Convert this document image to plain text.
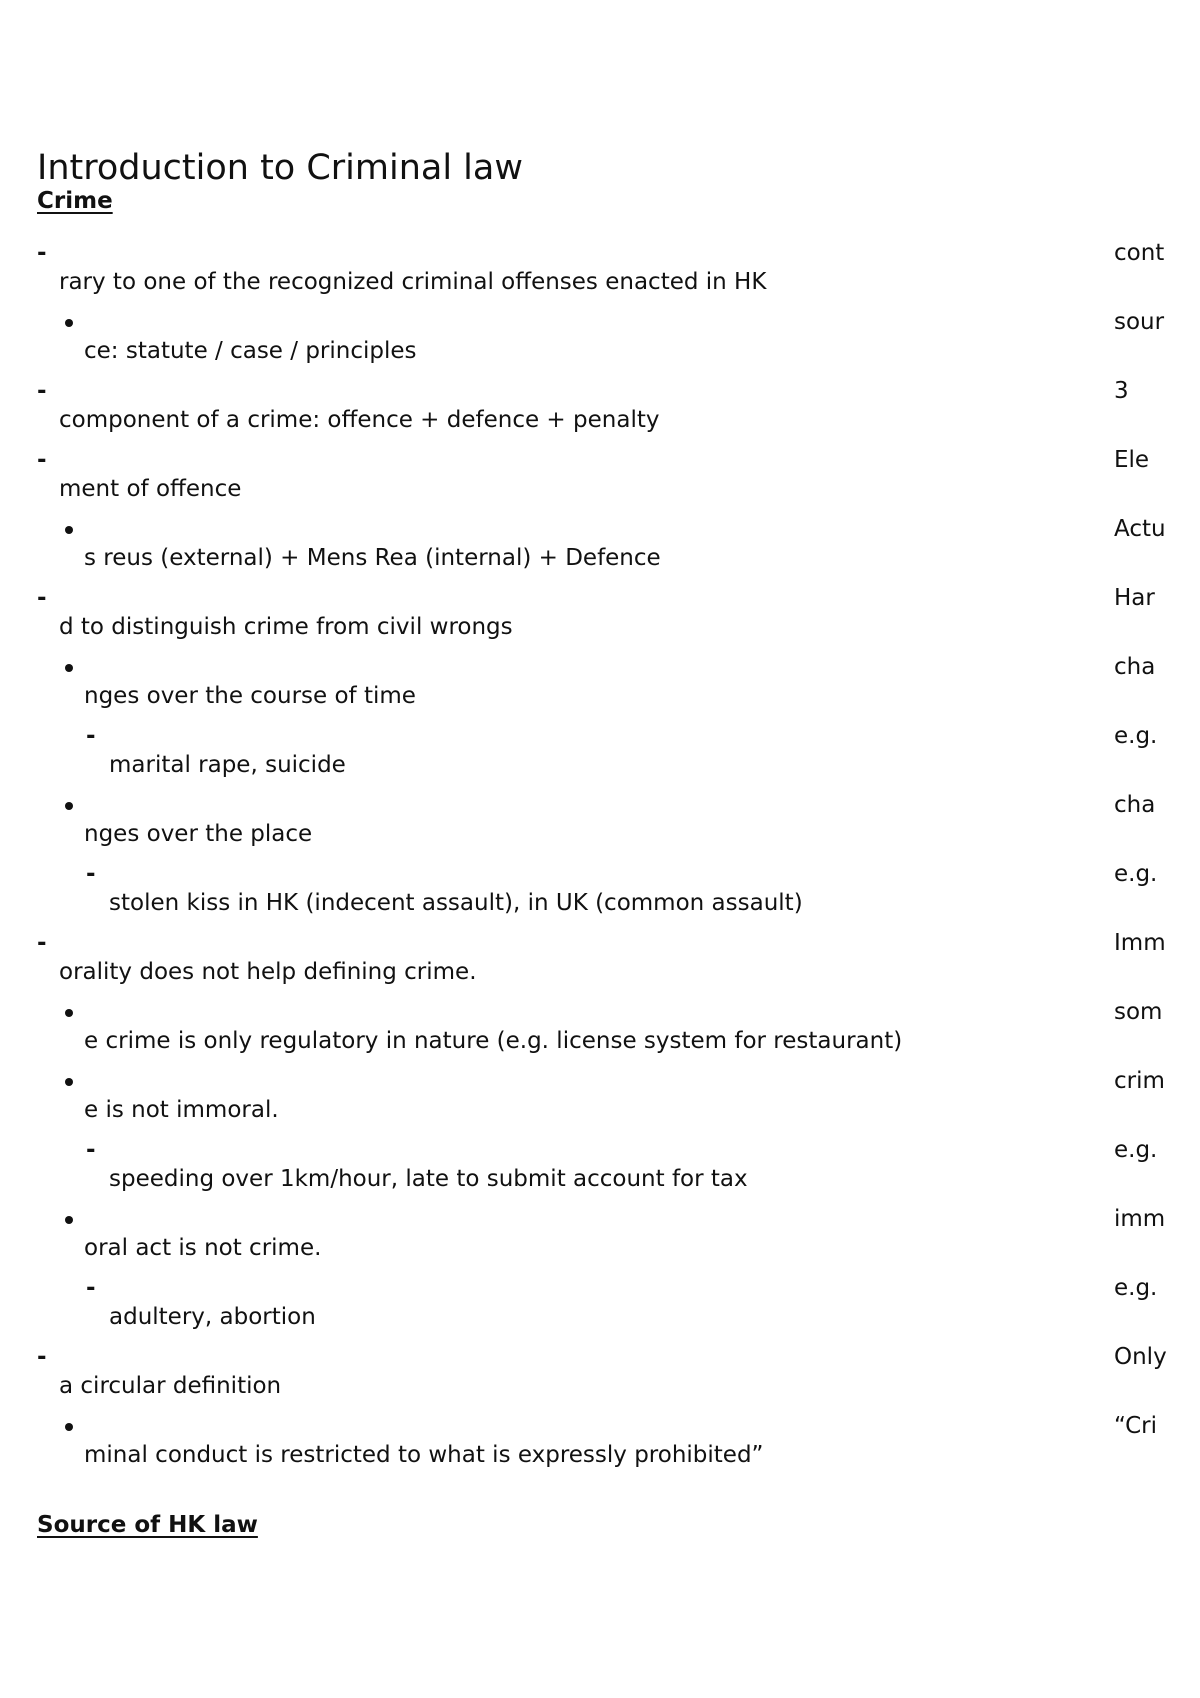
Introduction to Criminal law
Crime
-	cont
rary to one of the recognized criminal offenses enacted in HK
sour
ce: statute / case / principles
-	3
component of a crime: offence + defence + penalty
-	Ele
ment of offence
Actu
s reus (external) + Mens Rea (internal) + Defence
-	Har
d to distinguish crime from civil wrongs
cha
nges over the course of time
-	e.g.
marital rape, suicide
cha
nges over the place
-	e.g.
stolen kiss in HK (indecent assault), in UK (common assault)
-	Imm
orality does not help defining crime.
som
e crime is only regulatory in nature (e.g. license system for restaurant)
crim
e is not immoral.
-	e.g.
speeding over 1km/hour, late to submit account for tax
imm
oral act is not crime.
-	e.g.
adultery, abortion
-	Only
a circular definition
“Cri
minal conduct is restricted to what is expressly prohibited”
Source of HK law
